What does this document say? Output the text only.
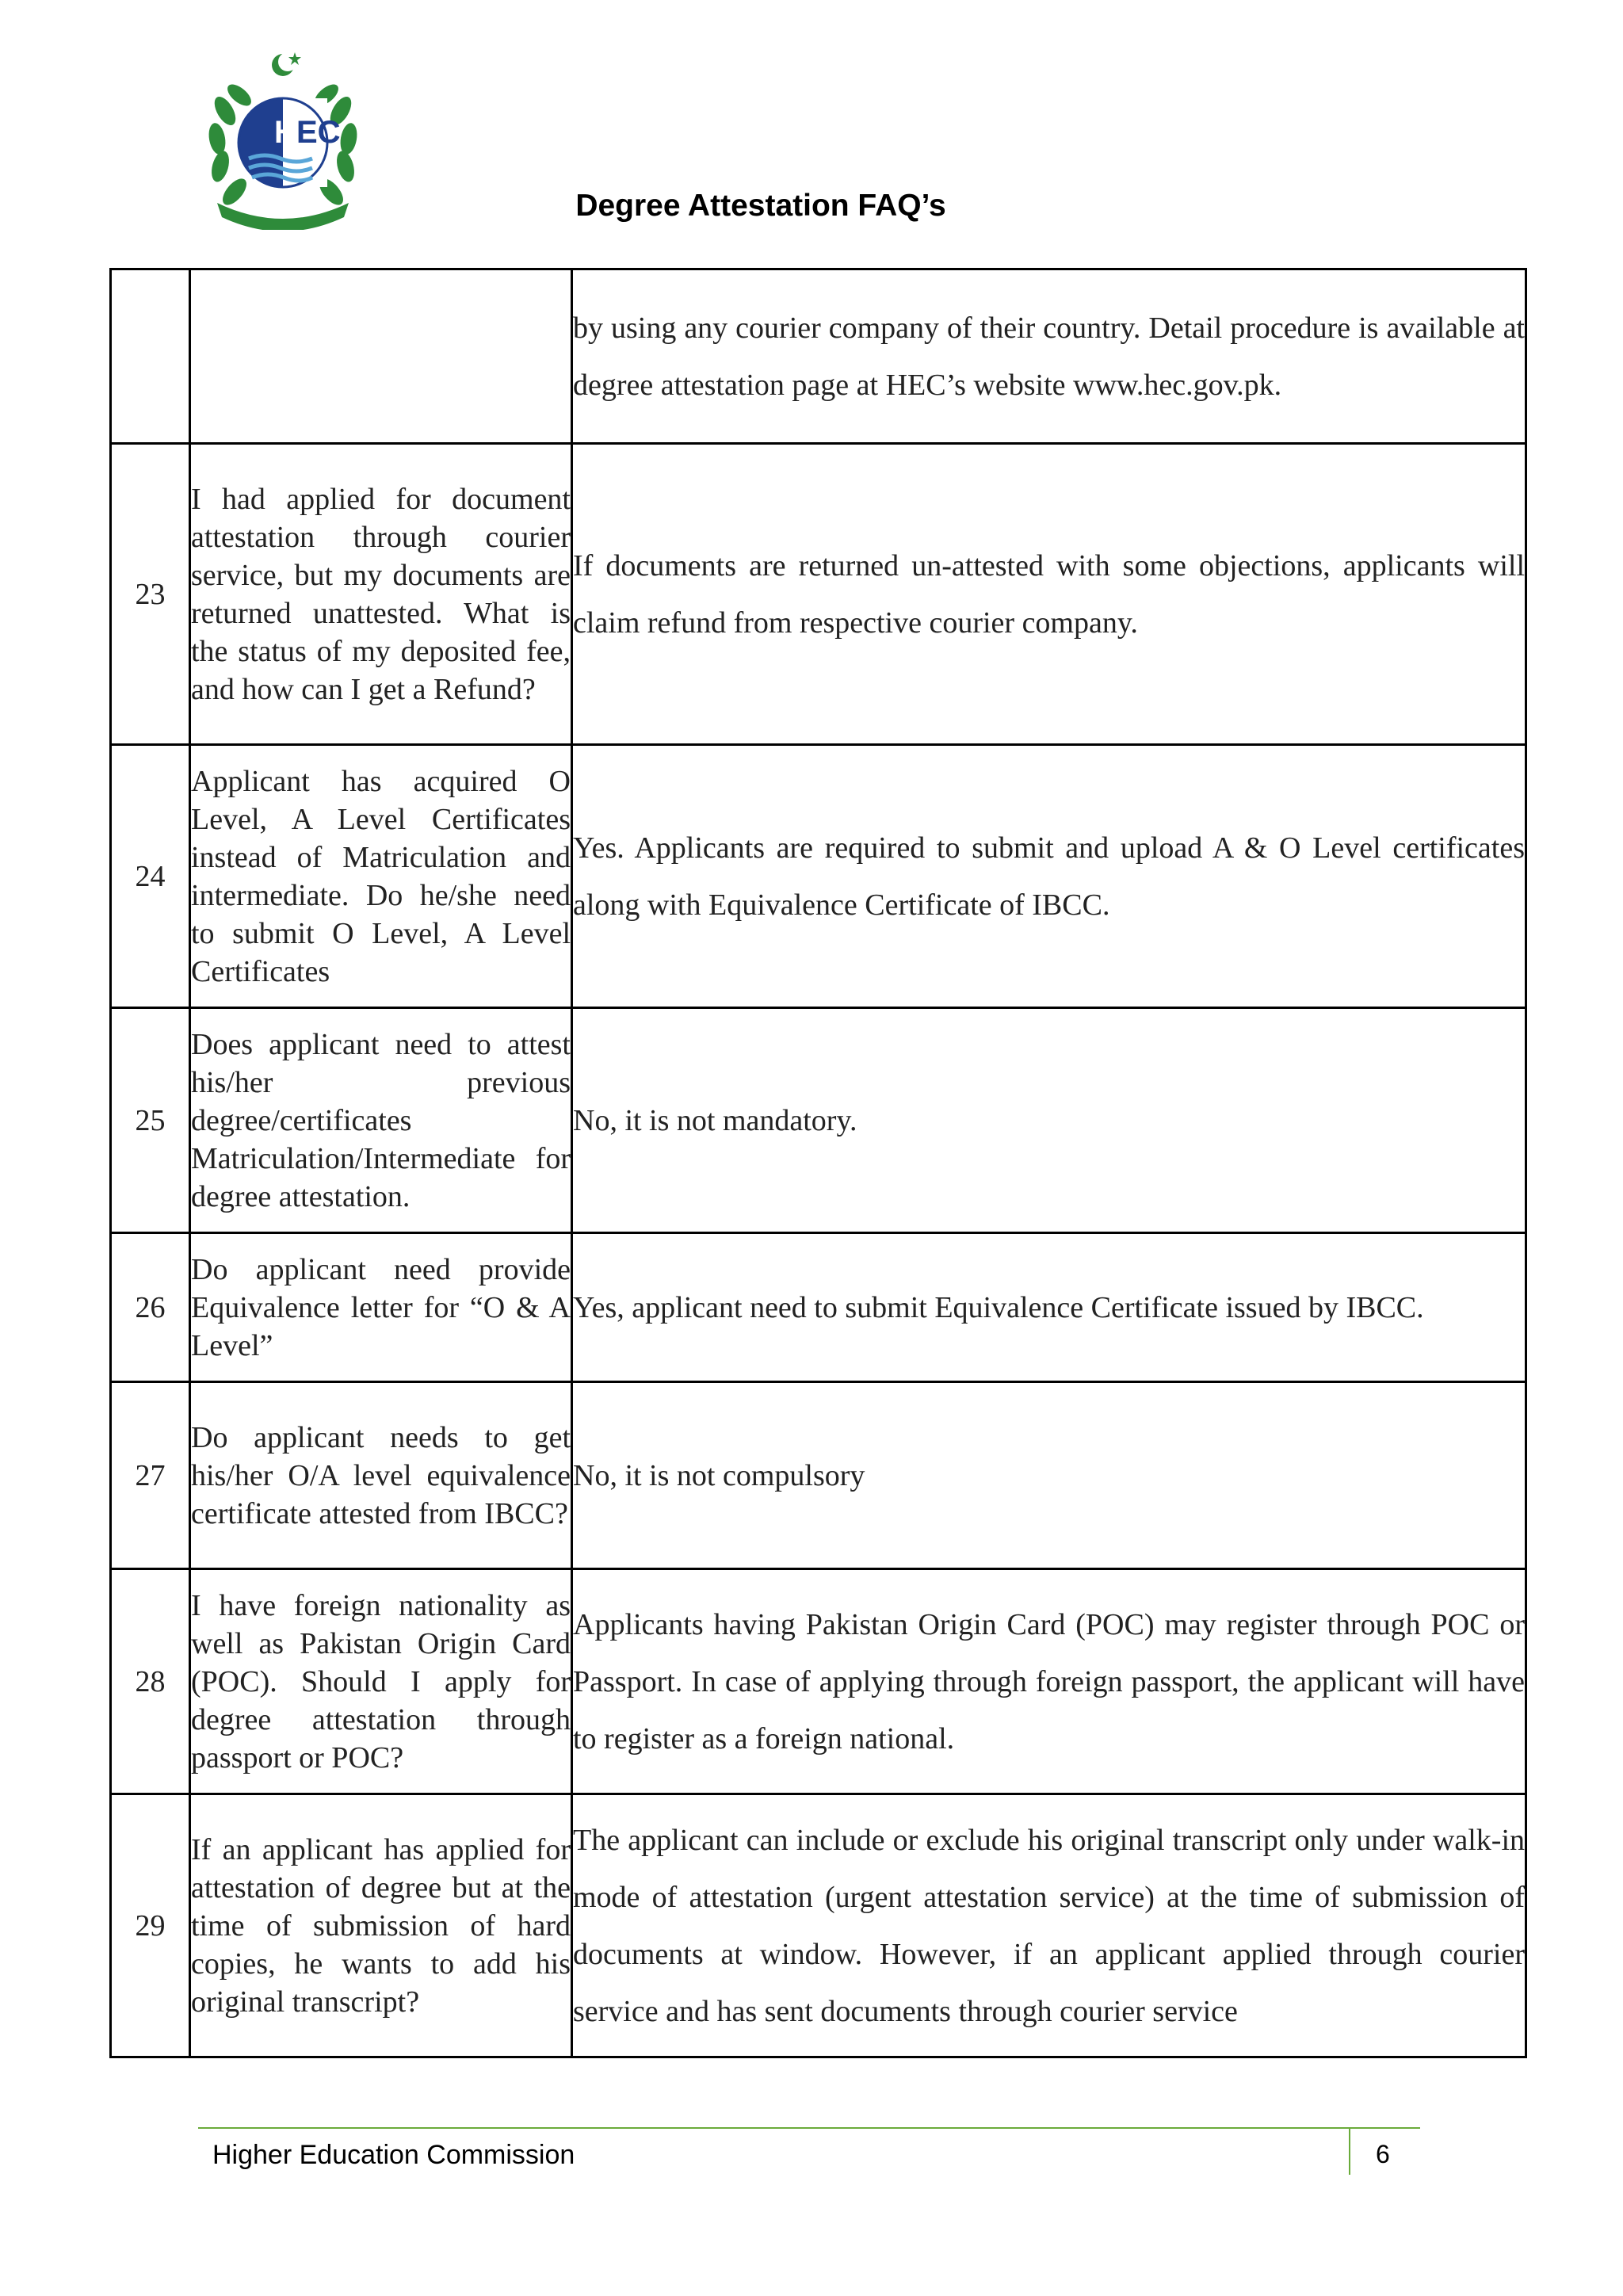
H EC
Degree Attestation FAQ’s
		by using any courier company of their country. Detail procedure is available at degree attestation page at HEC’s website www.hec.gov.pk.
23	I had applied for document attestation through courier service, but my documents are returned unattested. What is the status of my deposited fee, and how can I get a Refund?	If documents are returned un-attested with some objections, applicants will claim refund from respective courier company.
24	Applicant has acquired O Level, A Level Certificates instead of Matriculation and intermediate. Do he/she need to submit O Level, A Level Certificates	Yes. Applicants are required to submit and upload A & O Level certificates along with Equivalence Certificate of IBCC.
25	Does applicant need to attest his/her previous degree/certificates Matriculation/Intermediate for degree attestation.	No, it is not mandatory.
26	Do applicant need provide Equivalence letter for “O & A Level”	Yes, applicant need to submit Equivalence Certificate issued by IBCC.
27	Do applicant needs to get his/her O/A level equivalence certificate attested from IBCC?	No, it is not compulsory
28	I have foreign nationality as well as Pakistan Origin Card (POC). Should I apply for degree attestation through passport or POC?	Applicants having Pakistan Origin Card (POC) may register through POC or Passport. In case of applying through foreign passport, the applicant will have to register as a foreign national.
29	If an applicant has applied for attestation of degree but at the time of submission of hard copies, he wants to add his original transcript?	The applicant can include or exclude his original transcript only under walk-in mode of attestation (urgent attestation service) at the time of submission of documents at window. However, if an applicant applied through courier service and has sent documents through courier service
Higher Education Commission	6
